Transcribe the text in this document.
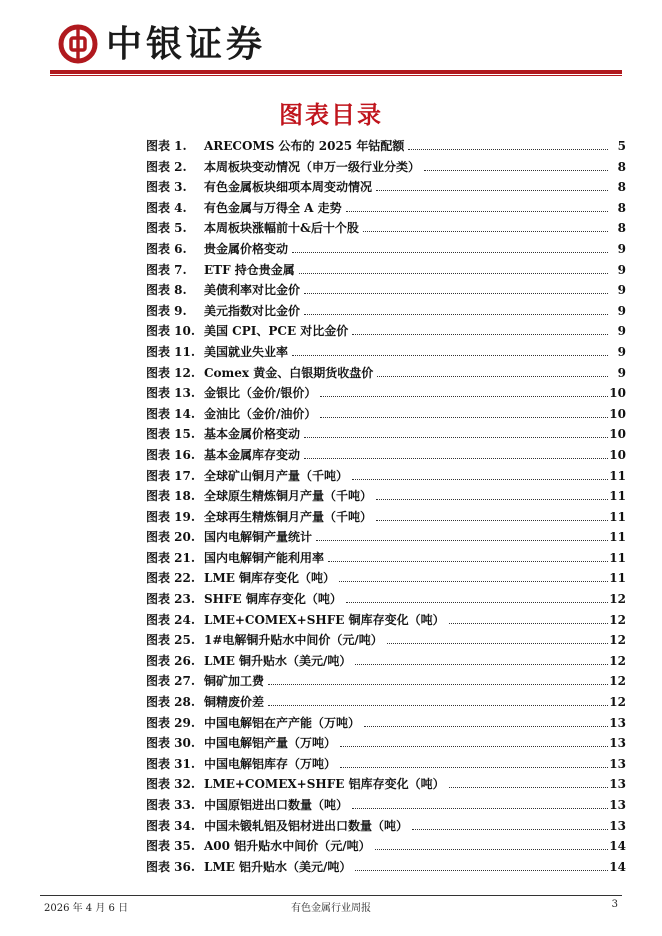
中银证券
图表目录
图表 1.	ARECOMS 公布的 2025 年钴配额	5
图表 2.	本周板块变动情况（申万一级行业分类）	8
图表 3.	有色金属板块细项本周变动情况	8
图表 4.	有色金属与万得全 A 走势	8
图表 5.	本周板块涨幅前十&后十个股	8
图表 6.	贵金属价格变动	9
图表 7.	ETF 持仓贵金属	9
图表 8.	美债利率对比金价	9
图表 9.	美元指数对比金价	9
图表 10. 美国 CPI、PCE 对比金价	9
图表 11. 美国就业失业率	9
图表 12. Comex 黄金、白银期货收盘价	9
图表 13. 金银比（金价/银价）	10
图表 14. 金油比（金价/油价）	10
图表 15. 基本金属价格变动	10
图表 16. 基本金属库存变动	10
图表 17. 全球矿山铜月产量（千吨）	11
图表 18. 全球原生精炼铜月产量（千吨）	11
图表 19. 全球再生精炼铜月产量（千吨）	11
图表 20. 国内电解铜产量统计	11
图表 21. 国内电解铜产能利用率	11
图表 22. LME 铜库存变化（吨）	11
图表 23. SHFE 铜库存变化（吨）	12
图表 24. LME+COMEX+SHFE 铜库存变化（吨）	12
图表 25. 1#电解铜升贴水中间价（元/吨）	12
图表 26. LME 铜升贴水（美元/吨）	12
图表 27. 铜矿加工费	12
图表 28. 铜精废价差	12
图表 29. 中国电解铝在产产能（万吨）	13
图表 30. 中国电解铝产量（万吨）	13
图表 31. 中国电解铝库存（万吨）	13
图表 32. LME+COMEX+SHFE 铝库存变化（吨）	13
图表 33. 中国原铝进出口数量（吨）	13
图表 34. 中国未锻轧铝及铝材进出口数量（吨）	13
图表 35. A00 铝升贴水中间价（元/吨）	14
图表 36. LME 铝升贴水（美元/吨）	14
2026 年 4 月 6 日	有色金属行业周报	3
